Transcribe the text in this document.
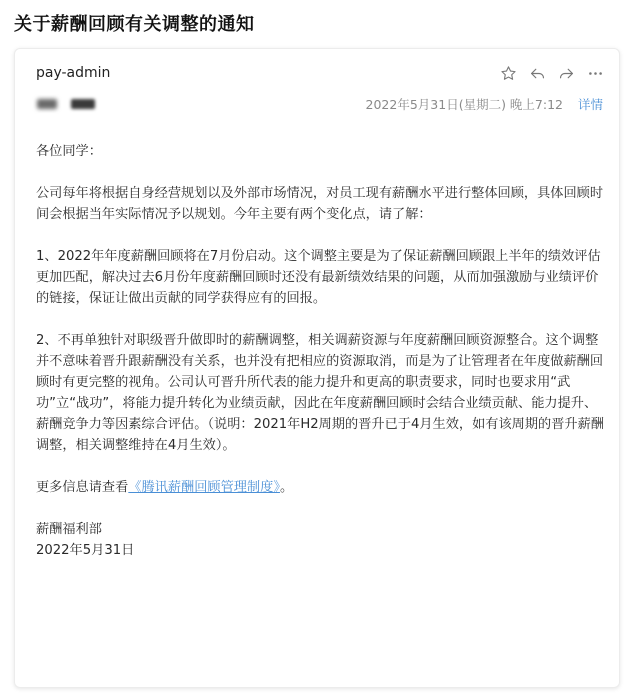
关于薪酬回顾有关调整的通知
pay-admin
2022年5月31日(星期二) 晚上7:12 详情

各位同学：

公司每年将根据自身经营规划以及外部市场情况，对员工现有薪酬水平进行整体回顾，具体回顾时间会根据当年实际情况予以规划。今年主要有两个变化点，请了解：

1、2022年年度薪酬回顾将在7月份启动。这个调整主要是为了保证薪酬回顾跟上半年的绩效评估更加匹配，解决过去6月份年度薪酬回顾时还没有最新绩效结果的问题，从而加强激励与业绩评价的链接，保证让做出贡献的同学获得应有的回报。

2、不再单独针对职级晋升做即时的薪酬调整，相关调薪资源与年度薪酬回顾资源整合。这个调整并不意味着晋升跟薪酬没有关系，也并没有把相应的资源取消，而是为了让管理者在年度做薪酬回顾时有更完整的视角。公司认可晋升所代表的能力提升和更高的职责要求，同时也要求用“武功”立“战功”，将能力提升转化为业绩贡献，因此在年度薪酬回顾时会结合业绩贡献、能力提升、薪酬竞争力等因素综合评估。（说明：2021年H2周期的晋升已于4月生效，如有该周期的晋升薪酬调整，相关调整维持在4月生效）。

更多信息请查看《腾讯薪酬回顾管理制度》。

薪酬福利部

2022年5月31日
